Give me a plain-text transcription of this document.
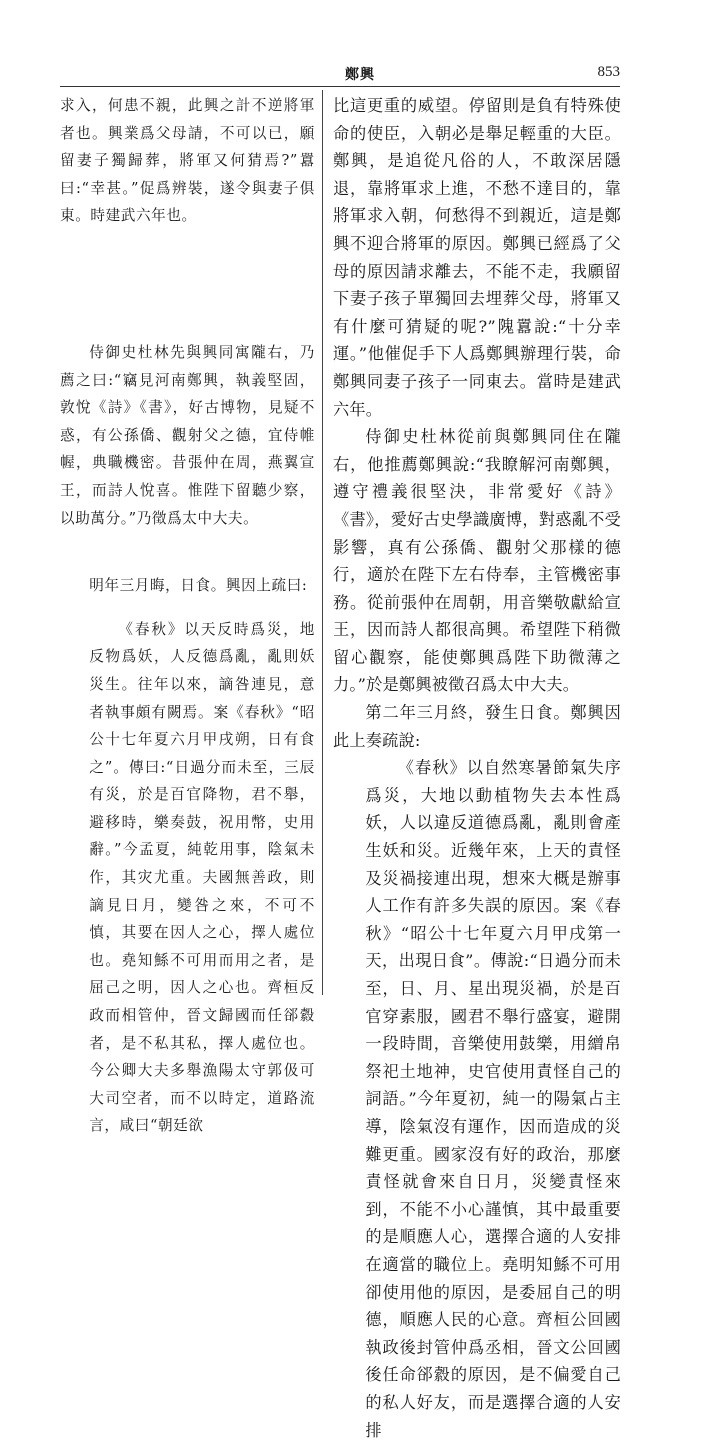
鄭興	853

求入，何患不親，此興之計不逆將軍者也。興業爲父母請，不可以已，願留妻子獨歸葬，將軍又何猜焉?”囂曰:“幸甚。”促爲辨裝，遂令與妻子俱東。時建武六年也。

侍御史杜林先與興同寓隴右，乃薦之曰:“竊見河南鄭興，執義堅固，敦悅《詩》《書》，好古博物，見疑不惑，有公孫僑、觀射父之德，宜侍帷幄，典職機密。昔張仲在周，燕翼宣王，而詩人悅喜。惟陛下留聽少察，以助萬分。”乃徵爲太中大夫。

明年三月晦，日食。興因上疏曰:

《春秋》以天反時爲災，地反物爲妖，人反德爲亂，亂則妖災生。往年以來，謫咎連見，意者執事頗有闕焉。案《春秋》“昭公十七年夏六月甲戌朔，日有食之”。傳曰:“日過分而未至，三辰有災，於是百官降物，君不舉，避移時，樂奏鼓，祝用幣，史用辭。”今孟夏，純乾用事，陰氣未作，其灾尤重。夫國無善政，則謫見日月，變咎之來，不可不慎，其要在因人之心，擇人處位也。堯知鯀不可用而用之者，是屈己之明，因人之心也。齊桓反政而相管仲，晉文歸國而任郤縠者，是不私其私，擇人處位也。今公卿大夫多舉漁陽太守郭伋可大司空者，而不以時定，道路流言，咸曰“朝廷欲

比這更重的威望。停留則是負有特殊使命的使臣，入朝必是舉足輕重的大臣。鄭興，是追從凡俗的人，不敢深居隱退，靠將軍求上進，不愁不達目的，靠將軍求入朝，何愁得不到親近，這是鄭興不迎合將軍的原因。鄭興已經爲了父母的原因請求離去，不能不走，我願留下妻子孩子單獨回去埋葬父母，將軍又有什麼可猜疑的呢?”隗囂說:“十分幸運。”他催促手下人爲鄭興辦理行裝，命鄭興同妻子孩子一同東去。當時是建武六年。

侍御史杜林從前與鄭興同住在隴右，他推薦鄭興說:“我瞭解河南鄭興，遵守禮義很堅決，非常愛好《詩》《書》，愛好古史學識廣博，對惑亂不受影響，真有公孫僑、觀射父那樣的德行，適於在陛下左右侍奉，主管機密事務。從前張仲在周朝，用音樂敬獻給宣王，因而詩人都很高興。希望陛下稍微留心觀察，能使鄭興爲陛下助微薄之力。”於是鄭興被徵召爲太中大夫。

第二年三月終，發生日食。鄭興因此上奏疏說:

《春秋》以自然寒暑節氣失序爲災，大地以動植物失去本性爲妖，人以違反道德爲亂，亂則會產生妖和災。近幾年來，上天的責怪及災禍接連出現，想來大概是辦事人工作有許多失誤的原因。案《春秋》“昭公十七年夏六月甲戌第一天，出現日食”。傳說:“日過分而未至，日、月、星出現災禍，於是百官穿素服，國君不舉行盛宴，避開一段時間，音樂使用鼓樂，用繒帛祭祀土地神，史官使用責怪自己的詞語。”今年夏初，純一的陽氣占主導，陰氣沒有運作，因而造成的災難更重。國家沒有好的政治，那麼責怪就會來自日月，災變責怪來到，不能不小心謹慎，其中最重要的是順應人心，選擇合適的人安排在適當的職位上。堯明知鯀不可用卻使用他的原因，是委屈自己的明德，順應人民的心意。齊桓公回國執政後封管仲爲丞相，晉文公回國後任命郤縠的原因，是不偏愛自己的私人好友，而是選擇合適的人安排
